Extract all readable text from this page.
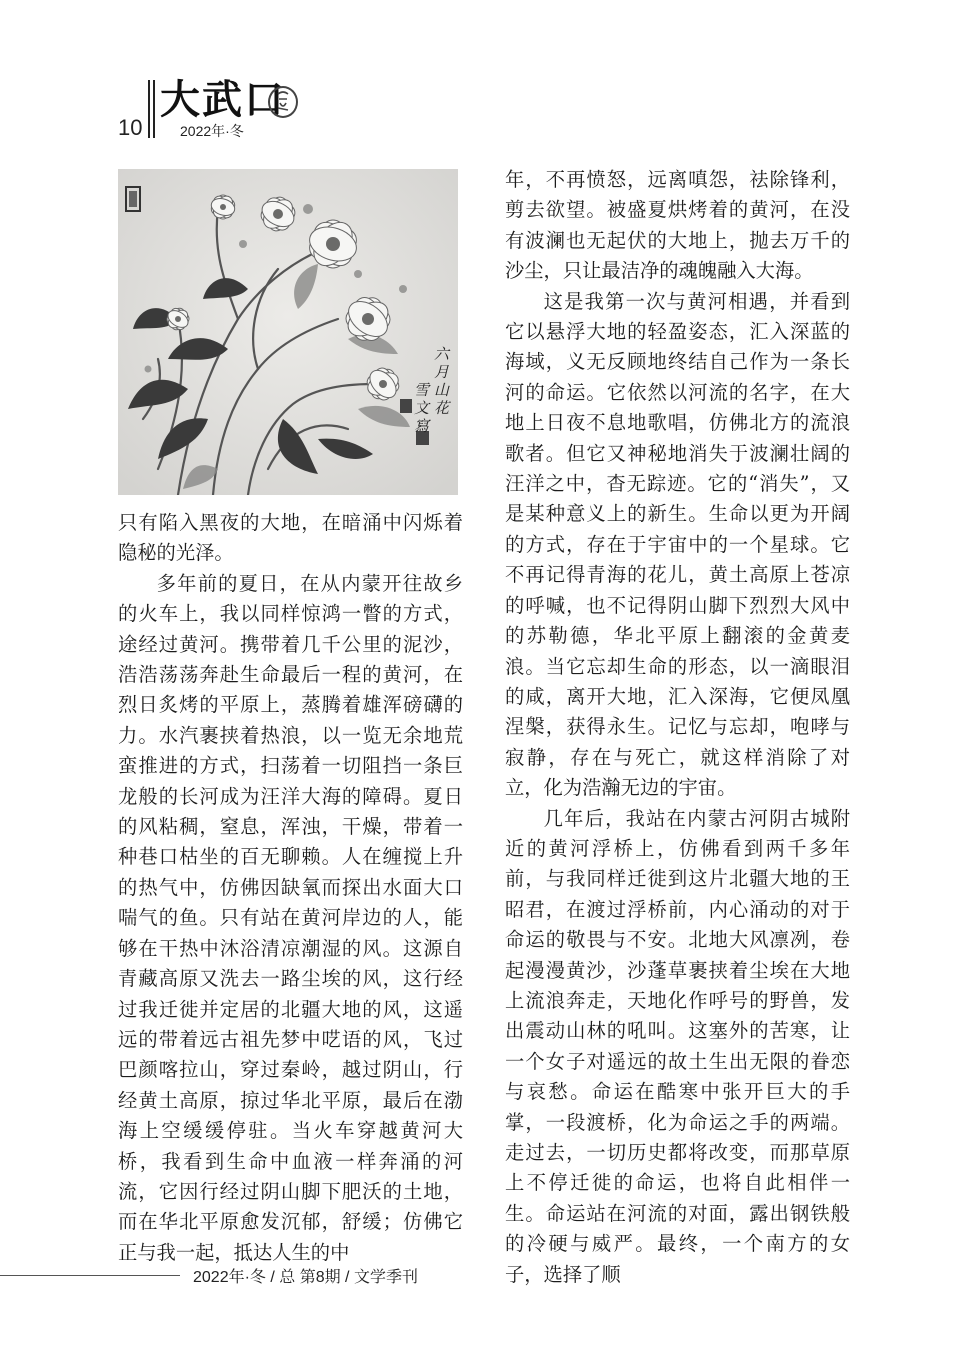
10
大武口
2022年·冬
六月山花
雪文寫

只有陷入黑夜的大地，在暗涌中闪烁着隐秘的光泽。

多年前的夏日，在从内蒙开往故乡的火车上，我以同样惊鸿一瞥的方式，途经过黄河。携带着几千公里的泥沙，浩浩荡荡奔赴生命最后一程的黄河，在烈日炙烤的平原上，蒸腾着雄浑磅礴的力。水汽裹挟着热浪，以一览无余地荒蛮推进的方式，扫荡着一切阻挡一条巨龙般的长河成为汪洋大海的障碍。夏日的风粘稠，窒息，浑浊，干燥，带着一种巷口枯坐的百无聊赖。人在缠搅上升的热气中，仿佛因缺氧而探出水面大口喘气的鱼。只有站在黄河岸边的人，能够在干热中沐浴清凉潮湿的风。这源自青藏高原又洗去一路尘埃的风，这行经过我迁徙并定居的北疆大地的风，这遥远的带着远古祖先梦中呓语的风，飞过巴颜喀拉山，穿过秦岭，越过阴山，行经黄土高原，掠过华北平原，最后在渤海上空缓缓停驻。当火车穿越黄河大桥，我看到生命中血液一样奔涌的河流，它因行经过阴山脚下肥沃的土地，而在华北平原愈发沉郁，舒缓；仿佛它正与我一起，抵达人生的中

年，不再愤怒，远离嗔怨，祛除锋利，剪去欲望。被盛夏烘烤着的黄河，在没有波澜也无起伏的大地上，抛去万千的沙尘，只让最洁净的魂魄融入大海。

这是我第一次与黄河相遇，并看到它以悬浮大地的轻盈姿态，汇入深蓝的海域，义无反顾地终结自己作为一条长河的命运。它依然以河流的名字，在大地上日夜不息地歌唱，仿佛北方的流浪歌者。但它又神秘地消失于波澜壮阔的汪洋之中，杳无踪迹。它的“消失”，又是某种意义上的新生。生命以更为开阔的方式，存在于宇宙中的一个星球。它不再记得青海的花儿，黄土高原上苍凉的呼喊，也不记得阴山脚下烈烈大风中的苏勒德，华北平原上翻滚的金黄麦浪。当它忘却生命的形态，以一滴眼泪的咸，离开大地，汇入深海，它便凤凰涅槃，获得永生。记忆与忘却，咆哮与寂静，存在与死亡，就这样消除了对立，化为浩瀚无边的宇宙。

几年后，我站在内蒙古河阴古城附近的黄河浮桥上，仿佛看到两千多年前，与我同样迁徙到这片北疆大地的王昭君，在渡过浮桥前，内心涌动的对于命运的敬畏与不安。北地大风凛冽，卷起漫漫黄沙，沙蓬草裹挟着尘埃在大地上流浪奔走，天地化作呼号的野兽，发出震动山林的吼叫。这塞外的苦寒，让一个女子对遥远的故土生出无限的眷恋与哀愁。命运在酷寒中张开巨大的手掌，一段渡桥，化为命运之手的两端。走过去，一切历史都将改变，而那草原上不停迁徙的命运，也将自此相伴一生。命运站在河流的对面，露出钢铁般的冷硬与威严。最终，一个南方的女子，选择了顺

2022年·冬 / 总 第8期 / 文学季刊
